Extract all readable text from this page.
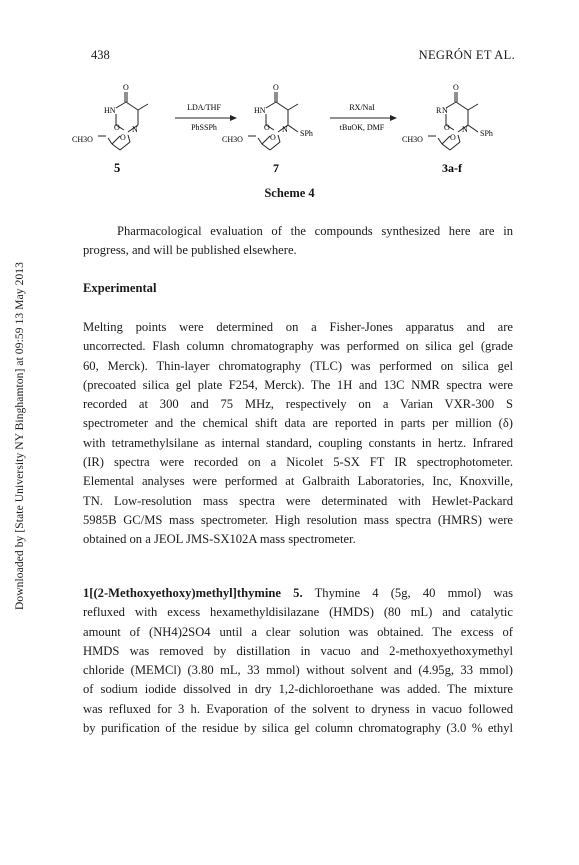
Downloaded by [State University NY Binghamton] at 09:59 13 May 2013
438	NEGRÓN ET AL.
O
HN
N
O
O
CH3O
LDA/THF
PhSSPh
O
HN
N
O
O
CH3O
SPh
RX/NaI
tBuOK, DMF
O
R N
N
O
O
CH3O
SPh
5	7	3a-f
Scheme 4
Pharmacological evaluation of the compounds synthesized here are in
progress, and will be published elsewhere.
Experimental
Melting points were determined on a Fisher-Jones apparatus and are
uncorrected. Flash column chromatography was performed on silica gel (grade
60, Merck). Thin-layer chromatography (TLC) was performed on silica gel
(precoated silica gel plate F254, Merck). The 1H and 13C NMR spectra were
recorded at 300 and 75 MHz, respectively on a Varian VXR-300 S
spectrometer and the chemical shift data are reported in parts per million (δ)
with tetramethylsilane as internal standard, coupling constants in hertz. Infrared
(IR) spectra were recorded on a Nicolet 5-SX FT IR spectrophotometer.
Elemental analyses were performed at Galbraith Laboratories, Inc, Knoxville,
TN. Low-resolution mass spectra were determinated with Hewlet-Packard
5985B GC/MS mass spectrometer. High resolution mass spectra (HMRS) were
obtained on a JEOL JMS-SX102A mass spectrometer.
1[(2-Methoxyethoxy)methyl]thymine 5. Thymine 4 (5g, 40 mmol) was
refluxed with excess hexamethyldisilazane (HMDS) (80 mL) and catalytic
amount of (NH4)2SO4 until a clear solution was obtained. The excess of
HMDS was removed by distillation in vacuo and 2-methoxyethoxymethyl
chloride (MEMCl) (3.80 mL, 33 mmol) without solvent and (4.95g, 33 mmol)
of sodium iodide dissolved in dry 1,2-dichloroethane was added. The mixture
was refluxed for 3 h. Evaporation of the solvent to dryness in vacuo followed
by purification of the residue by silica gel column chromatography (3.0 % ethyl
